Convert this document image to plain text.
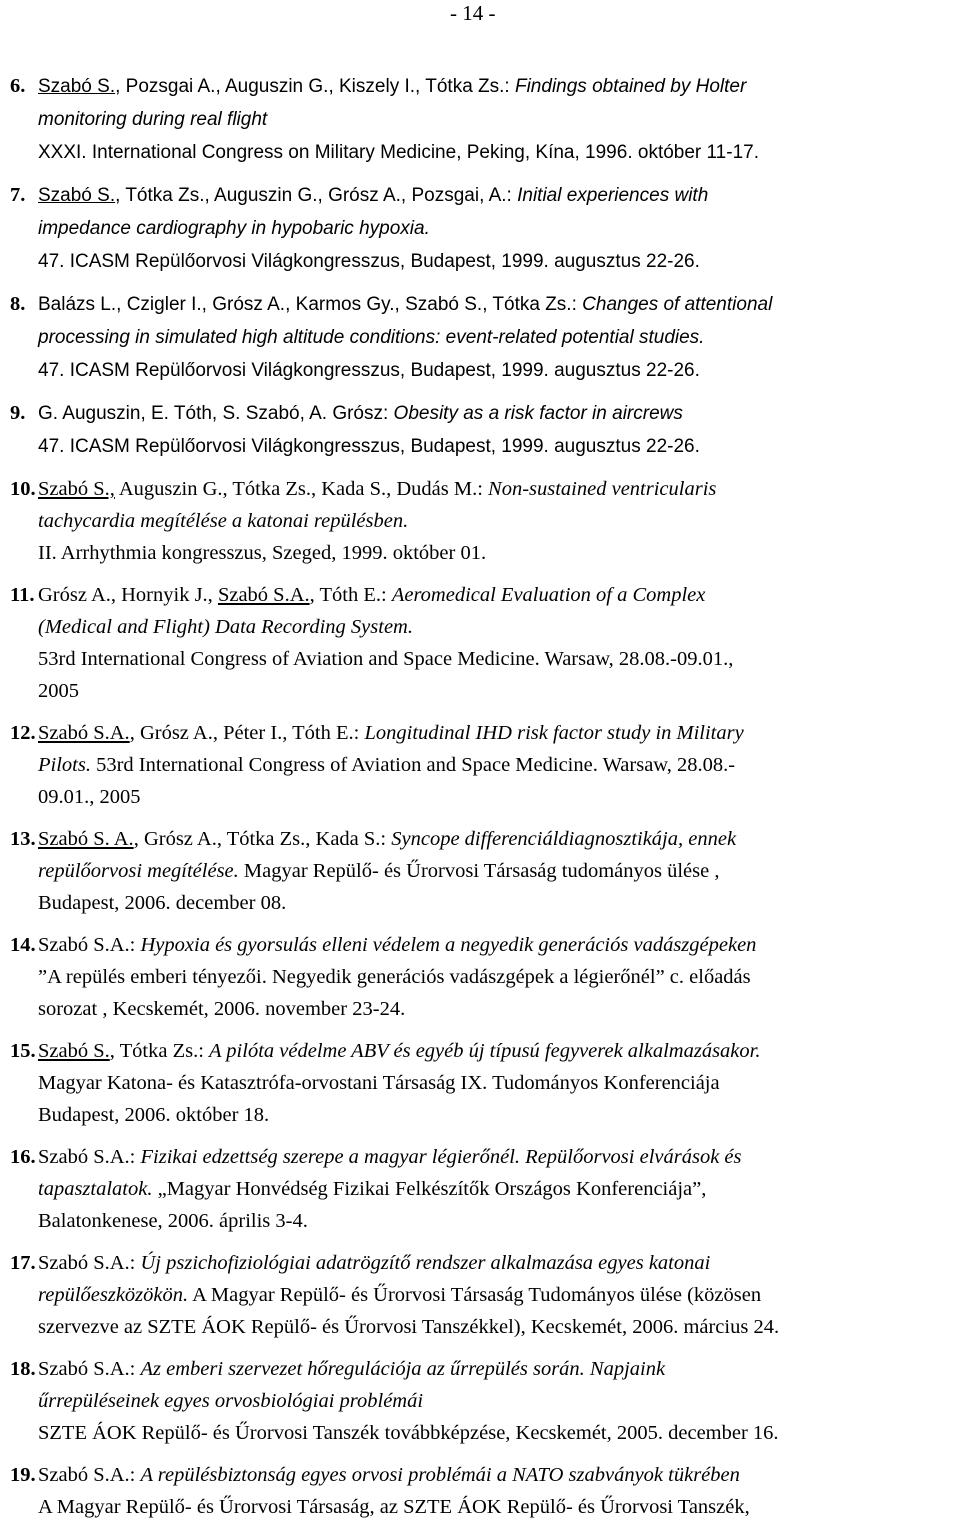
- 14 -
6. Szabó S., Pozsgai A., Auguszin G., Kiszely I., Tótka Zs.: Findings obtained by Holter
monitoring during real flight
XXXI. International Congress on Military Medicine, Peking, Kína, 1996. október 11-17.
7. Szabó S., Tótka Zs., Auguszin G., Grósz A., Pozsgai, A.: Initial experiences with
impedance cardiography in hypobaric hypoxia.
47. ICASM Repülőorvosi Világkongresszus, Budapest, 1999. augusztus 22-26.
8. Balázs L., Czigler I., Grósz A., Karmos Gy., Szabó S., Tótka Zs.: Changes of attentional
processing in simulated high altitude conditions: event-related potential studies.
47. ICASM Repülőorvosi Világkongresszus, Budapest, 1999. augusztus 22-26.
9. G. Auguszin, E. Tóth, S. Szabó, A. Grósz: Obesity as a risk factor in aircrews
47. ICASM Repülőorvosi Világkongresszus, Budapest, 1999. augusztus 22-26.
10. Szabó S., Auguszin G., Tótka Zs., Kada S., Dudás M.: Non-sustained ventricularis
tachycardia megítélése a katonai repülésben.
II. Arrhythmia kongresszus, Szeged, 1999. október 01.
11. Grósz A., Hornyik J., Szabó S.A., Tóth E.: Aeromedical Evaluation of a Complex
(Medical and Flight) Data Recording System.
53rd International Congress of Aviation and Space Medicine. Warsaw, 28.08.-09.01.,
2005
12. Szabó S.A., Grósz A., Péter I., Tóth E.: Longitudinal IHD risk factor study in Military
Pilots. 53rd International Congress of Aviation and Space Medicine. Warsaw, 28.08.-
09.01., 2005
13. Szabó S. A., Grósz A., Tótka Zs., Kada S.: Syncope differenciáldiagnosztikája, ennek
repülőorvosi megítélése. Magyar Repülő- és Űrorvosi Társaság tudományos ülése ,
Budapest, 2006. december 08.
14. Szabó S.A.: Hypoxia és gyorsulás elleni védelem a negyedik generációs vadászgépeken
”A repülés emberi tényezői. Negyedik generációs vadászgépek a légierőnél” c. előadás
sorozat , Kecskemét, 2006. november 23-24.
15. Szabó S., Tótka Zs.: A pilóta védelme ABV és egyéb új típusú fegyverek alkalmazásakor.
Magyar Katona- és Katasztrófa-orvostani Társaság IX. Tudományos Konferenciája
Budapest, 2006. október 18.
16. Szabó S.A.: Fizikai edzettség szerepe a magyar légierőnél. Repülőorvosi elvárások és
tapasztalatok. „Magyar Honvédség Fizikai Felkészítők Országos Konferenciája”,
Balatonkenese, 2006. április 3-4.
17. Szabó S.A.: Új pszichofiziológiai adatrögzítő rendszer alkalmazása egyes katonai
repülőeszközökön. A Magyar Repülő- és Űrorvosi Társaság Tudományos ülése (közösen
szervezve az SZTE ÁOK Repülő- és Űrorvosi Tanszékkel), Kecskemét, 2006. március 24.
18. Szabó S.A.: Az emberi szervezet hőregulációja az űrrepülés során. Napjaink
űrrepüléseinek egyes orvosbiológiai problémái
SZTE ÁOK Repülő- és Űrorvosi Tanszék továbbképzése, Kecskemét, 2005. december 16.
19. Szabó S.A.: A repülésbiztonság egyes orvosi problémái a NATO szabványok tükrében
A Magyar Repülő- és Űrorvosi Társaság, az SZTE ÁOK Repülő- és Űrorvosi Tanszék,
